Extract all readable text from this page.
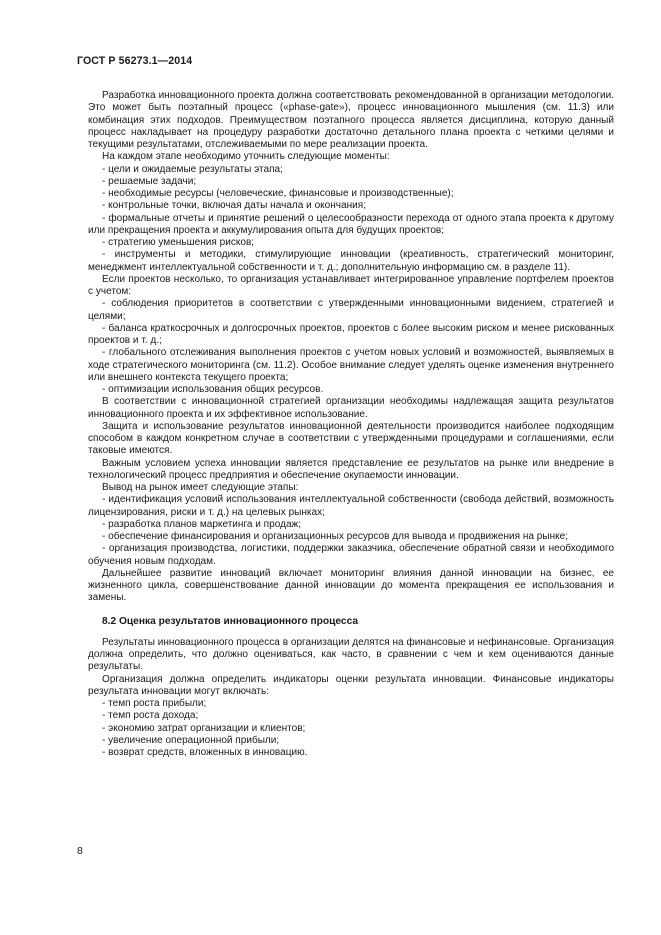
ГОСТ Р 56273.1—2014

Разработка инновационного проекта должна соответствовать рекомендованной в организации методологии. Это может быть поэтапный процесс («phase-gate»), процесс инновационного мышления (см. 11.3) или комбинация этих подходов. Преимуществом поэтапного процесса является дисциплина, которую данный процесс накладывает на процедуру разработки достаточно детального плана проекта с четкими целями и текущими результатами, отслеживаемыми по мере реализации проекта.

На каждом этапе необходимо уточнить следующие моменты:

- цели и ожидаемые результаты этапа;

- решаемые задачи;

- необходимые ресурсы (человеческие, финансовые и производственные);

- контрольные точки, включая даты начала и окончания;

- формальные отчеты и принятие решений о целесообразности перехода от одного этапа проекта к другому или прекращения проекта и аккумулирования опыта для будущих проектов;

- стратегию уменьшения рисков;

- инструменты и методики, стимулирующие инновации (креативность, стратегический мониторинг, менеджмент интеллектуальной собственности и т. д.; дополнительную информацию см. в разделе 11).

Если проектов несколько, то организация устанавливает интегрированное управление портфелем проектов с учетом:

- соблюдения приоритетов в соответствии с утвержденными инновационными видением, стратегией и целями;

- баланса краткосрочных и долгосрочных проектов, проектов с более высоким риском и менее рискованных проектов и т. д.;

- глобального отслеживания выполнения проектов с учетом новых условий и возможностей, выявляемых в ходе стратегического мониторинга (см. 11.2). Особое внимание следует уделять оценке изменения внутреннего или внешнего контекста текущего проекта;

- оптимизации использования общих ресурсов.

В соответствии с инновационной стратегией организации необходимы надлежащая защита результатов инновационного проекта и их эффективное использование.

Защита и использование результатов инновационной деятельности производится наиболее подходящим способом в каждом конкретном случае в соответствии с утвержденными процедурами и соглашениями, если таковые имеются.

Важным условием успеха инновации является представление ее результатов на рынке или внедрение в технологический процесс предприятия и обеспечение окупаемости инновации.

Вывод на рынок имеет следующие этапы:

- идентификация условий использования интеллектуальной собственности (свобода действий, возможность лицензирования, риски и т. д.) на целевых рынках;

- разработка планов маркетинга и продаж;

- обеспечение финансирования и организационных ресурсов для вывода и продвижения на рынке;

- организация производства, логистики, поддержки заказчика, обеспечение обратной связи и необходимого обучения новым подходам.

Дальнейшее развитие инноваций включает мониторинг влияния данной инновации на бизнес, ее жизненного цикла, совершенствование данной инновации до момента прекращения ее использования и замены.

8.2 Оценка результатов инновационного процесса

Результаты инновационного процесса в организации делятся на финансовые и нефинансовые. Организация должна определить, что должно оцениваться, как часто, в сравнении с чем и кем оцениваются данные результаты.

Организация должна определить индикаторы оценки результата инновации. Финансовые индикаторы результата инновации могут включать:

- темп роста прибыли;

- темп роста дохода;

- экономию затрат организации и клиентов;

- увеличение операционной прибыли;

- возврат средств, вложенных в инновацию.

8
